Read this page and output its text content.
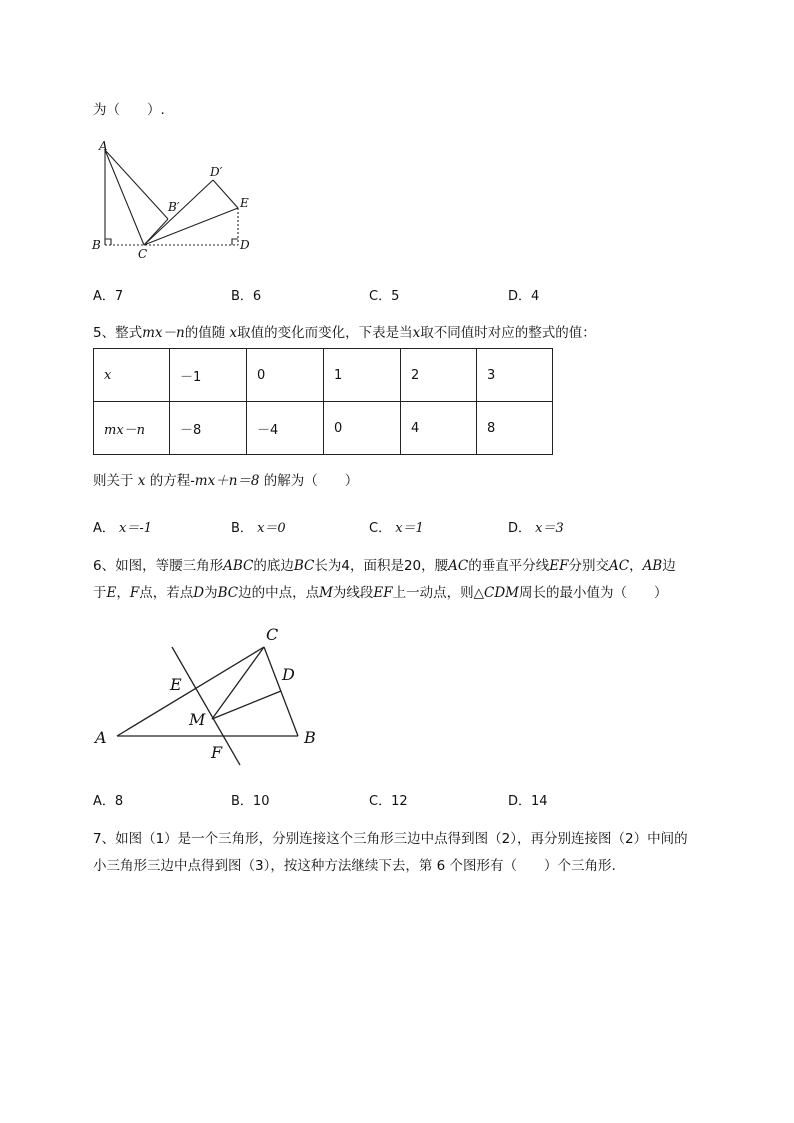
为（　　）.
A
B
C
D
E
B′
D′
A．7	B．6	C．5	D．4
5、整式mx－n的值随 x取值的变化而变化，下表是当x取不同值时对应的整式的值：
x	－1	0	1	2	3
mx－n	－8	－4	0	4	8
则关于 x 的方程-mx＋n＝8 的解为（　　）
A． x＝-1	B． x＝0	C． x＝1	D． x＝3
6、如图，等腰三角形ABC的底边BC长为4，面积是20，腰AC的垂直平分线EF分别交AC，AB边
于E，F点，若点D为BC边的中点，点M为线段EF上一动点，则△CDM周长的最小值为（　　）
A	B
C
D
E
F
M
A．8	B．10	C．12	D．14
7、如图（1）是一个三角形，分别连接这个三角形三边中点得到图（2），再分别连接图（2）中间的
小三角形三边中点得到图（3），按这种方法继续下去，第 6 个图形有（　　）个三角形.
